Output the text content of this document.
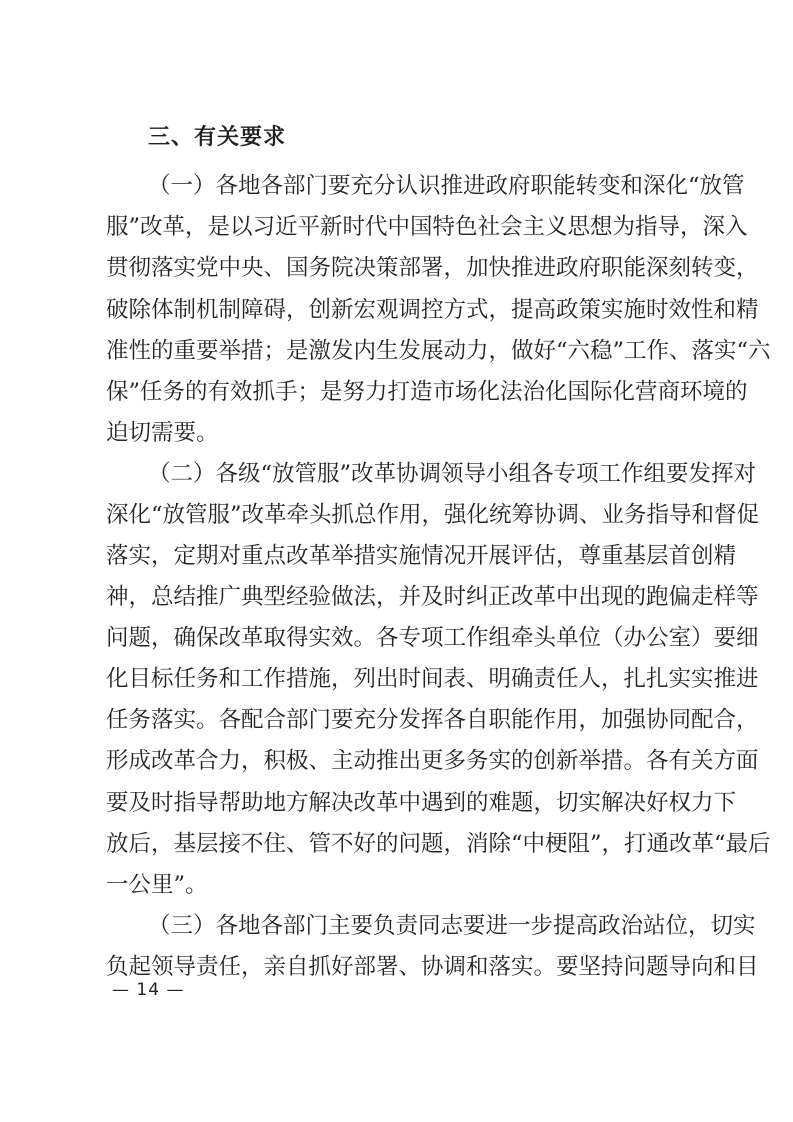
三、有关要求
（一）各地各部门要充分认识推进政府职能转变和深化“放管
服”改革，是以习近平新时代中国特色社会主义思想为指导，深入
贯彻落实党中央、国务院决策部署，加快推进政府职能深刻转变，
破除体制机制障碍，创新宏观调控方式，提高政策实施时效性和精
准性的重要举措；是激发内生发展动力，做好“六稳”工作、落实“六
保”任务的有效抓手；是努力打造市场化法治化国际化营商环境的
迫切需要。
（二）各级“放管服”改革协调领导小组各专项工作组要发挥对
深化“放管服”改革牵头抓总作用，强化统筹协调、业务指导和督促
落实，定期对重点改革举措实施情况开展评估，尊重基层首创精
神，总结推广典型经验做法，并及时纠正改革中出现的跑偏走样等
问题，确保改革取得实效。各专项工作组牵头单位（办公室）要细
化目标任务和工作措施，列出时间表、明确责任人，扎扎实实推进
任务落实。各配合部门要充分发挥各自职能作用，加强协同配合，
形成改革合力，积极、主动推出更多务实的创新举措。各有关方面
要及时指导帮助地方解决改革中遇到的难题，切实解决好权力下
放后，基层接不住、管不好的问题，消除“中梗阻”，打通改革“最后
一公里”。
（三）各地各部门主要负责同志要进一步提高政治站位，切实
负起领导责任，亲自抓好部署、协调和落实。要坚持问题导向和目
— 14 —
